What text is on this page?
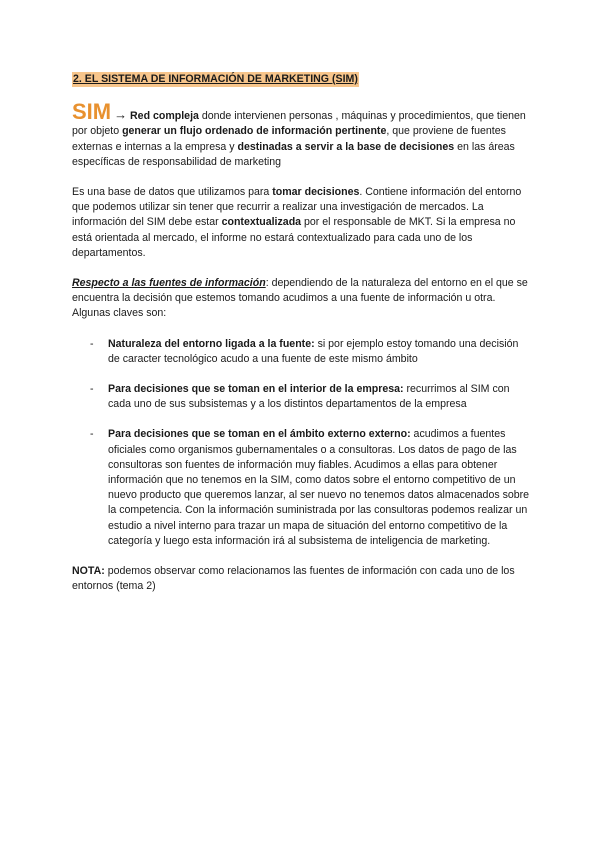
2. EL SISTEMA DE INFORMACIÓN DE MARKETING (SIM)

SIM → Red compleja donde intervienen personas , máquinas y procedimientos, que tienen por objeto generar un flujo ordenado de información pertinente, que proviene de fuentes externas e internas a la empresa y destinadas a servir a la base de decisiones en las áreas específicas de responsabilidad de marketing

Es una base de datos que utilizamos para tomar decisiones. Contiene información del entorno que podemos utilizar sin tener que recurrir a realizar una investigación de mercados. La información del SIM debe estar contextualizada por el responsable de MKT. Si la empresa no está orientada al mercado, el informe no estará contextualizado para cada uno de los departamentos.

Respecto a las fuentes de información: dependiendo de la naturaleza del entorno en el que se encuentra la decisión que estemos tomando acudimos a una fuente de información u otra. Algunas claves son:

- Naturaleza del entorno ligada a la fuente: si por ejemplo estoy tomando una decisión de caracter tecnológico acudo a una fuente de este mismo ámbito
- Para decisiones que se toman en el interior de la empresa: recurrimos al SIM con cada uno de sus subsistemas y a los distintos departamentos de la empresa
- Para decisiones que se toman en el ámbito externo externo: acudimos a fuentes oficiales como organismos gubernamentales o a consultoras. Los datos de pago de las consultoras son fuentes de información muy fiables. Acudimos a ellas para obtener información que no tenemos en la SIM, como datos sobre el entorno competitivo de un nuevo producto que queremos lanzar, al ser nuevo no tenemos datos almacenados sobre la competencia. Con la información suministrada por las consultoras podemos realizar un estudio a nivel interno para trazar un mapa de situación del entorno competitivo de la categoría y luego esta información irá al subsistema de inteligencia de marketing.

NOTA: podemos observar como relacionamos las fuentes de información con cada uno de los entornos (tema 2)
